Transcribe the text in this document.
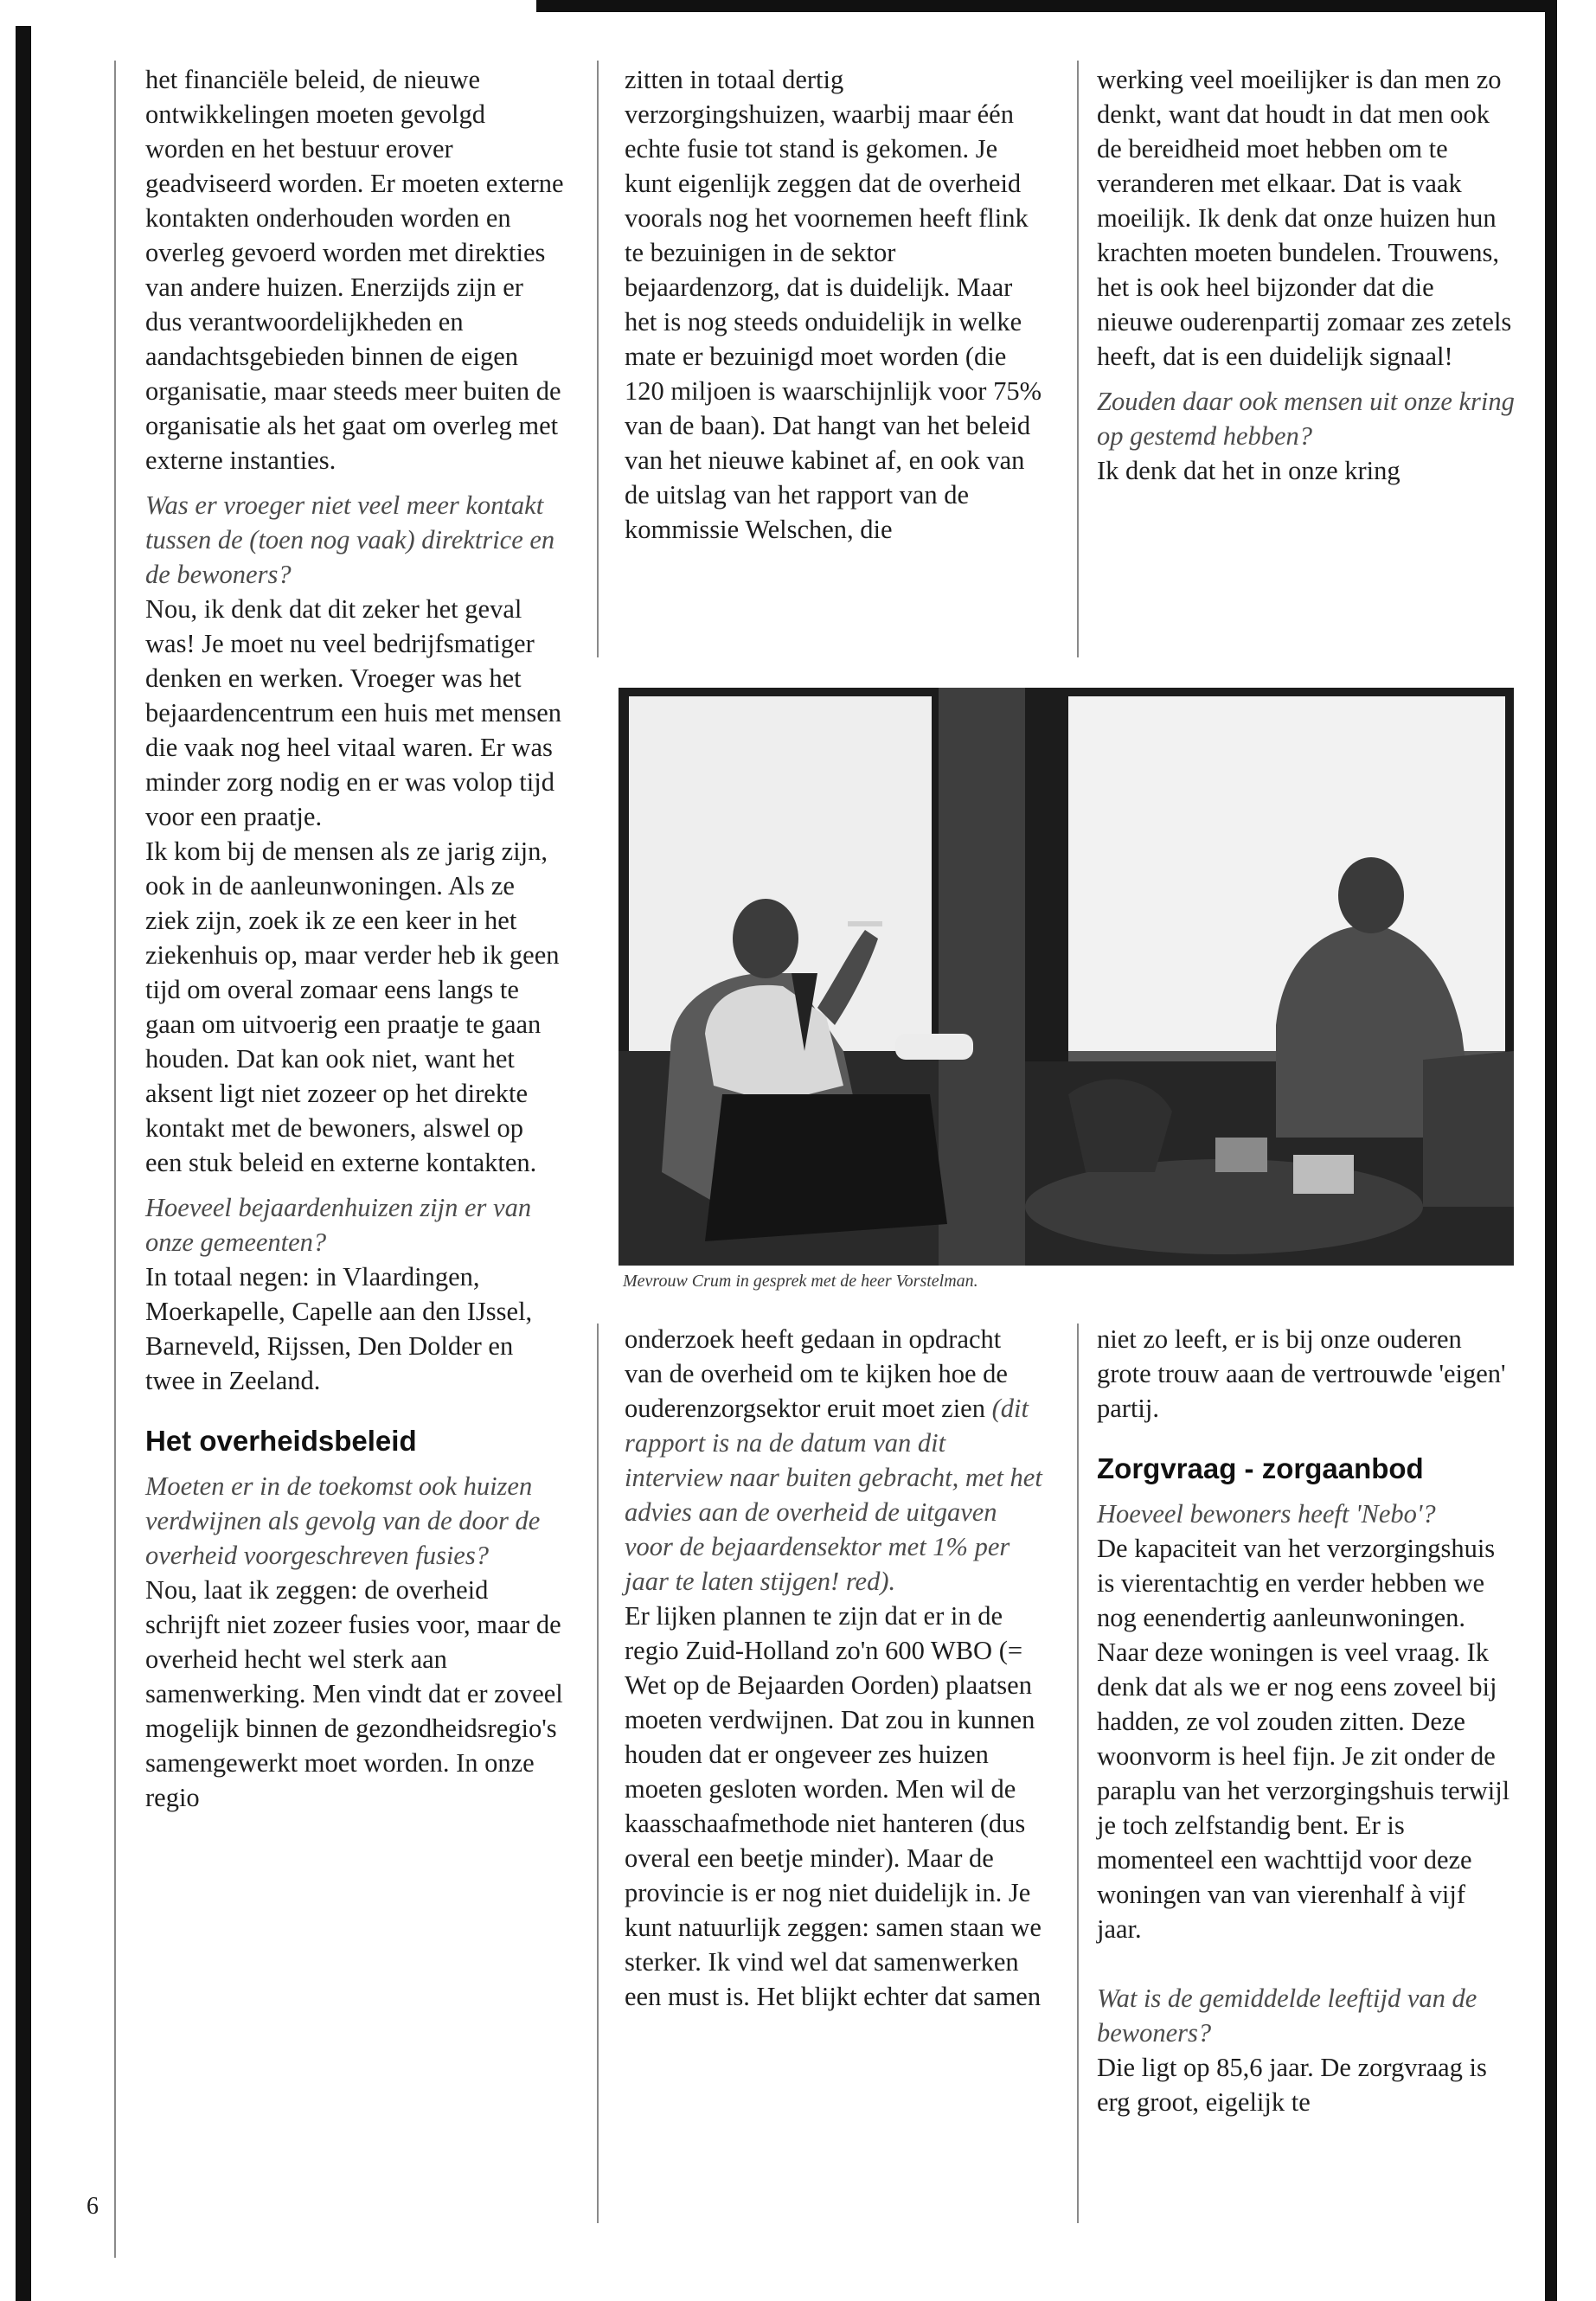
6

het financiële beleid, de nieuwe ontwikkelingen moeten gevolgd worden en het bestuur erover geadviseerd worden. Er moeten externe kontakten onderhouden worden en overleg gevoerd worden met direkties van andere huizen. Enerzijds zijn er dus verantwoordelijkheden en aandachtsgebieden binnen de eigen organisatie, maar steeds meer buiten de organisatie als het gaat om overleg met externe instanties.

Was er vroeger niet veel meer kontakt tussen de (toen nog vaak) direktrice en de bewoners?

Nou, ik denk dat dit zeker het geval was! Je moet nu veel bedrijfsmatiger denken en werken. Vroeger was het bejaardencentrum een huis met mensen die vaak nog heel vitaal waren. Er was minder zorg nodig en er was volop tijd voor een praatje.

Ik kom bij de mensen als ze jarig zijn, ook in de aanleunwoningen. Als ze ziek zijn, zoek ik ze een keer in het ziekenhuis op, maar verder heb ik geen tijd om overal zomaar eens langs te gaan om uitvoerig een praatje te gaan houden. Dat kan ook niet, want het aksent ligt niet zozeer op het direkte kontakt met de bewoners, alswel op een stuk beleid en externe kontakten.

Hoeveel bejaardenhuizen zijn er van onze gemeenten?

In totaal negen: in Vlaardingen, Moerkapelle, Capelle aan den IJssel, Barneveld, Rijssen, Den Dolder en twee in Zeeland.

Het overheidsbeleid

Moeten er in de toekomst ook huizen verdwijnen als gevolg van de door de overheid voorgeschreven fusies?

Nou, laat ik zeggen: de overheid schrijft niet zozeer fusies voor, maar de overheid hecht wel sterk aan samenwerking. Men vindt dat er zoveel mogelijk binnen de gezondheidsregio's samengewerkt moet worden. In onze regio

zitten in totaal dertig verzorgingshuizen, waarbij maar één echte fusie tot stand is gekomen. Je kunt eigenlijk zeggen dat de overheid voorals nog het voornemen heeft flink te bezuinigen in de sektor bejaardenzorg, dat is duidelijk. Maar het is nog steeds onduidelijk in welke mate er bezuinigd moet worden (die 120 miljoen is waarschijnlijk voor 75% van de baan). Dat hangt van het beleid van het nieuwe kabinet af, en ook van de uitslag van het rapport van de kommissie Welschen, die

werking veel moeilijker is dan men zo denkt, want dat houdt in dat men ook de bereidheid moet hebben om te veranderen met elkaar. Dat is vaak moeilijk. Ik denk dat onze huizen hun krachten moeten bundelen. Trouwens, het is ook heel bijzonder dat die nieuwe ouderenpartij zomaar zes zetels heeft, dat is een duidelijk signaal!

Zouden daar ook mensen uit onze kring op gestemd hebben?

Ik denk dat het in onze kring

onderzoek heeft gedaan in opdracht van de overheid om te kijken hoe de ouderenzorgsektor eruit moet zien (dit rapport is na de datum van dit interview naar buiten gebracht, met het advies aan de overheid de uitgaven voor de bejaardensektor met 1% per jaar te laten stijgen! red).

Er lijken plannen te zijn dat er in de regio Zuid-Holland zo'n 600 WBO (= Wet op de Bejaarden Oorden) plaatsen moeten verdwijnen. Dat zou in kunnen houden dat er ongeveer zes huizen moeten gesloten worden. Men wil de kaasschaafmethode niet hanteren (dus overal een beetje minder). Maar de provincie is er nog niet duidelijk in. Je kunt natuurlijk zeggen: samen staan we sterker. Ik vind wel dat samenwerken een must is. Het blijkt echter dat samen

niet zo leeft, er is bij onze ouderen grote trouw aaan de vertrouwde 'eigen' partij.

Zorgvraag - zorgaanbod

Hoeveel bewoners heeft 'Nebo'?

De kapaciteit van het verzorgingshuis is vierentachtig en verder hebben we nog eenendertig aanleunwoningen. Naar deze woningen is veel vraag. Ik denk dat als we er nog eens zoveel bij hadden, ze vol zouden zitten. Deze woonvorm is heel fijn. Je zit onder de paraplu van het verzorgingshuis terwijl je toch zelfstandig bent. Er is momenteel een wachttijd voor deze woningen van van vierenhalf à vijf jaar.

Wat is de gemiddelde leeftijd van de bewoners?

Die ligt op 85,6 jaar. De zorgvraag is erg groot, eigelijk te

Mevrouw Crum in gesprek met de heer Vorstelman.
